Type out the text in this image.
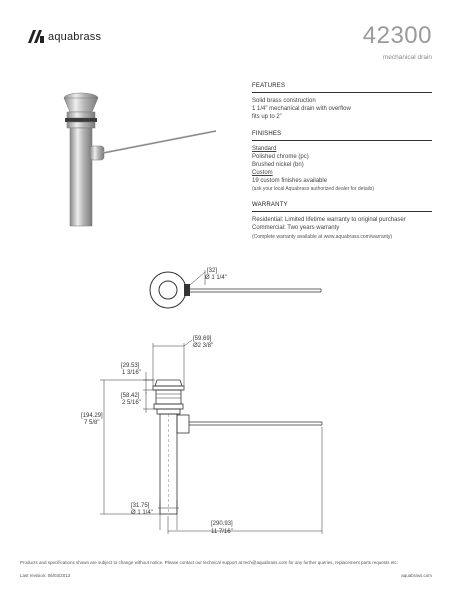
aquabrass	42300
mechanical drain
FEATURES
Solid brass construction
1 1/4" mechanical drain with overflow
fits up to 2"
FINISHES
Standard
Polished chrome (pc)
Brushed nickel (bn)
Custom
19 custom finishes available
(ask your local Aquabrass authorized dealer for details)
WARRANTY
Residential: Limited lifetime warranty to original purchaser
Commercial: Two years warranty
(Complete warranty available at www.aquabrass.com/warranty)
[32]
Ø 1 1/4"
[59.69]
Ø2 3/8"
[29.53]
1 3/16"
[58.42]
2 5/16"
[194.29]
7 5/8"
[31.75]
Ø 1 1/4"
[290.93]
11 7/16"
Products and specifications shown are subject to change without notice. Please contact our technical support at tech@aquabrass.com for any further queries, replacement parts requests etc.
Last revision: 06/03/2013	aquabrass.com
